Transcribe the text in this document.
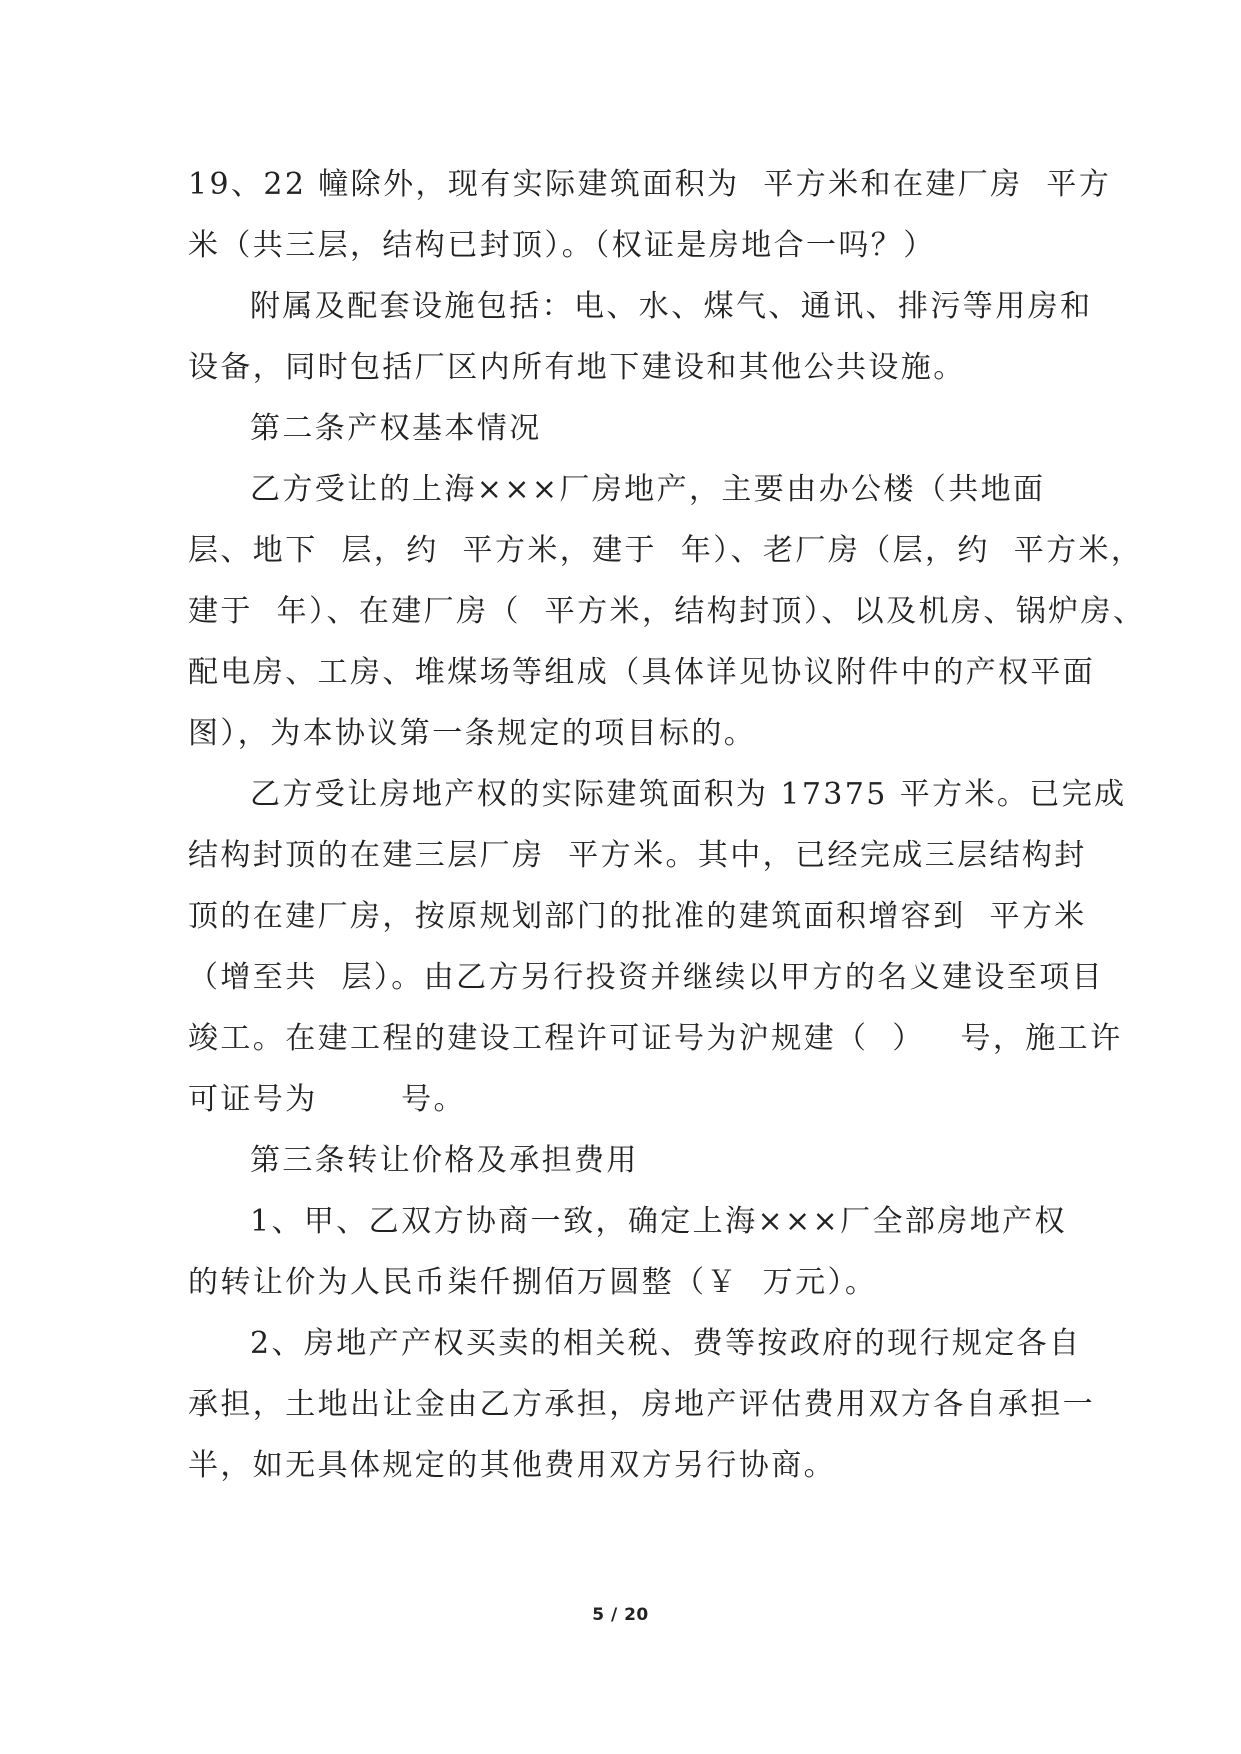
19、22 幢除外，现有实际建筑面积为  平方米和在建厂房  平方
米（共三层，结构已封顶）。（权证是房地合一吗？）
附属及配套设施包括：电、水、煤气、通讯、排污等用房和
设备，同时包括厂区内所有地下建设和其他公共设施。
第二条产权基本情况
乙方受让的上海×××厂房地产，主要由办公楼（共地面
层、地下  层，约  平方米，建于  年）、老厂房（层，约  平方米，
建于  年）、在建厂房（  平方米，结构封顶）、以及机房、锅炉房、
配电房、工房、堆煤场等组成（具体详见协议附件中的产权平面
图），为本协议第一条规定的项目标的。
乙方受让房地产权的实际建筑面积为 17375 平方米。已完成
结构封顶的在建三层厂房  平方米。其中，已经完成三层结构封
顶的在建厂房，按原规划部门的批准的建筑面积增容到  平方米
（增至共  层）。由乙方另行投资并继续以甲方的名义建设至项目
竣工。在建工程的建设工程许可证号为沪规建（  ）   号，施工许
可证号为       号。
第三条转让价格及承担费用
1、甲、乙双方协商一致，确定上海×××厂全部房地产权
的转让价为人民币柒仟捌佰万圆整（￥  万元）。
2、房地产产权买卖的相关税、费等按政府的现行规定各自
承担，土地出让金由乙方承担，房地产评估费用双方各自承担一
半，如无具体规定的其他费用双方另行协商。
5 / 20
